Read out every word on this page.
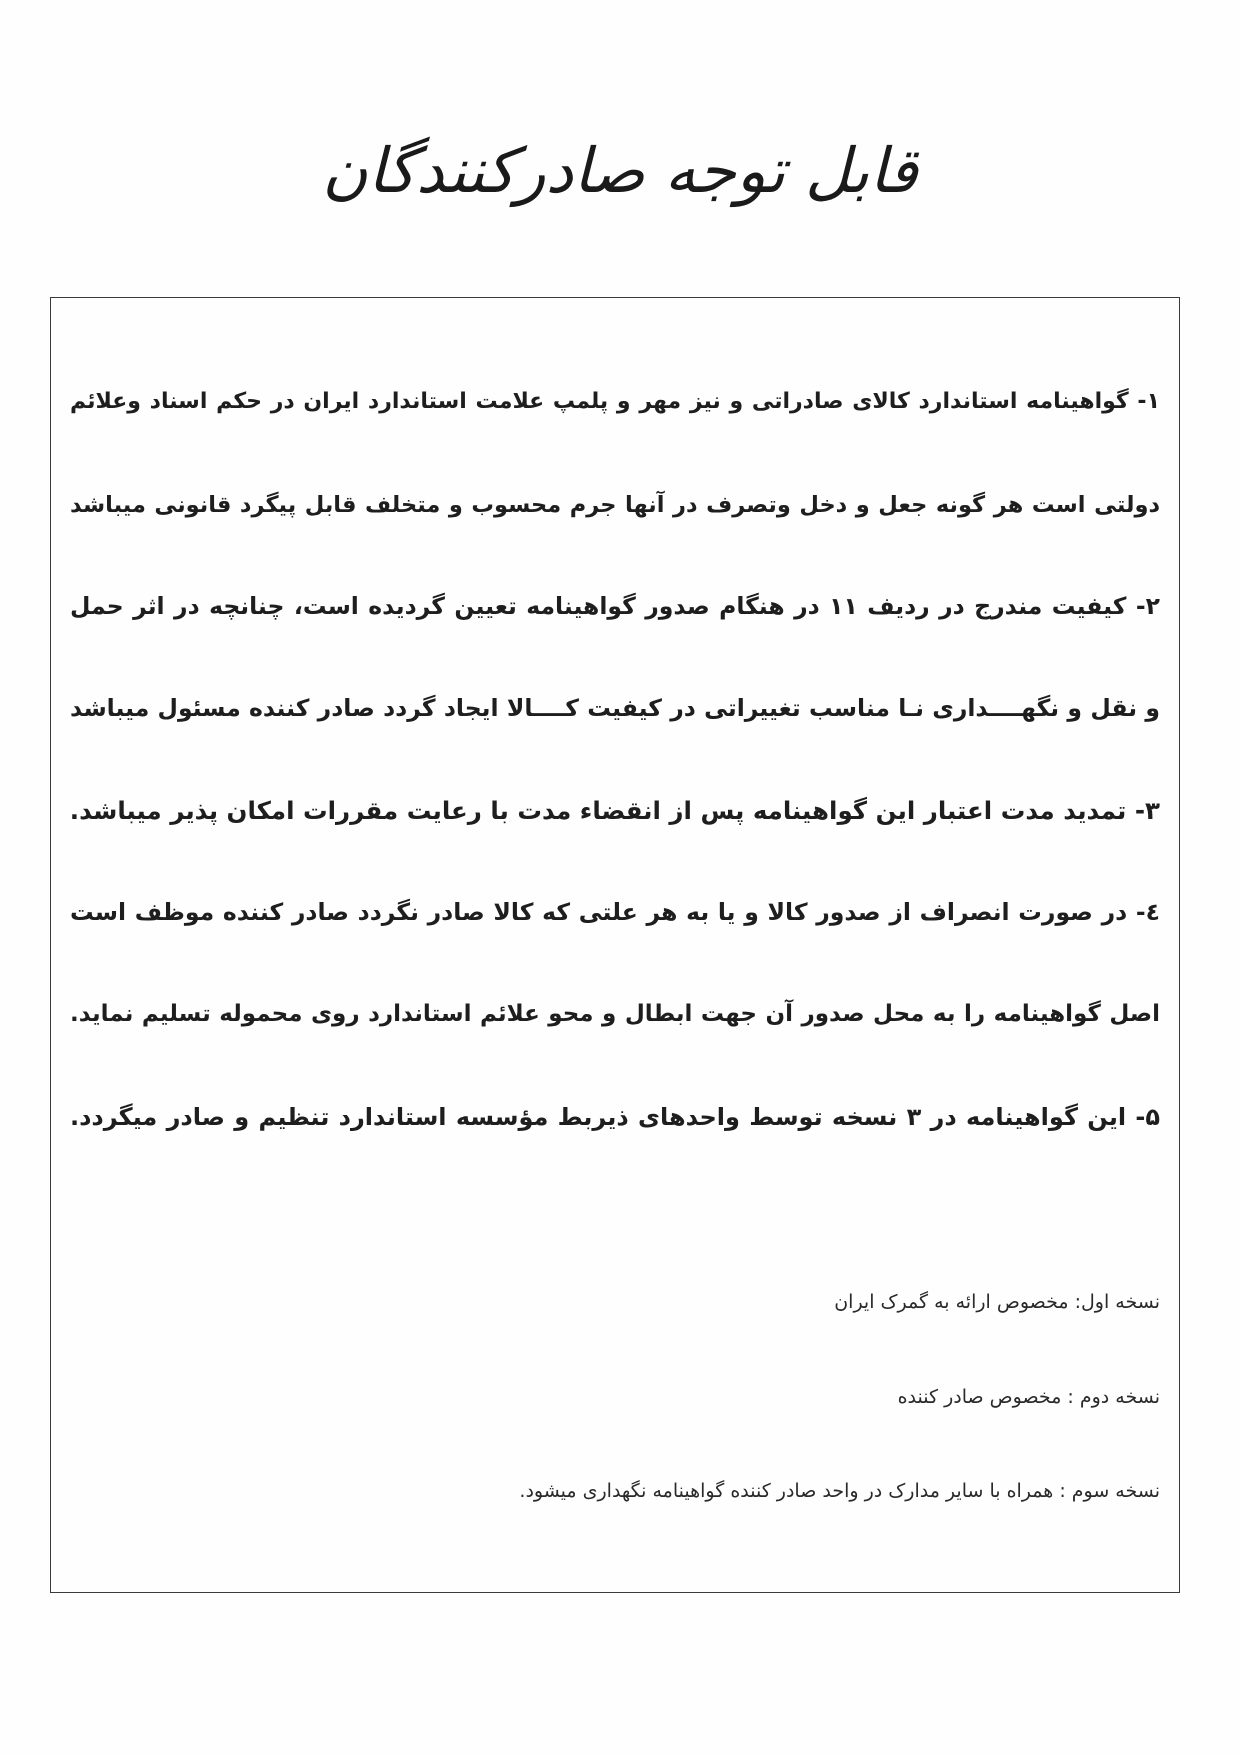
قابل توجه صادرکنندگان
۱- گواهینامه استاندارد کالای صادراتی و نیز مهر و پلمپ علامت استاندارد ایران در حکم اسناد وعلائم
دولتی است هر گونه جعل و دخل وتصرف در آنها جرم محسوب و متخلف قابل پیگرد قانونی میباشد
۲- کیفیت مندرج در ردیف ۱۱ در هنگام صدور گواهینامه تعیین گردیده است، چنانچه در اثر حمل
و نقل و نگهــــداری نـا مناسب تغییراتی در کیفیت کــــالا ایجاد گردد صادر کننده مسئول میباشد
۳- تمدید مدت اعتبار این گواهینامه پس از انقضاء مدت با رعایت مقررات امکان پذیر میباشد.
٤- در صورت انصراف از صدور کالا و یا به هر علتی که کالا صادر نگردد صادر کننده موظف است
اصل گواهینامه را به محل صدور آن جهت ابطال و محو علائم استاندارد روی محموله تسلیم نماید.
۵- این گواهینامه در ۳ نسخه توسط واحدهای ذیربط مؤسسه استاندارد تنظیم و صادر میگردد.
نسخه اول: مخصوص ارائه به گمرک ایران
نسخه دوم : مخصوص صادر کننده
نسخه سوم : همراه با سایر مدارک در واحد صادر کننده گواهینامه نگهداری میشود.
